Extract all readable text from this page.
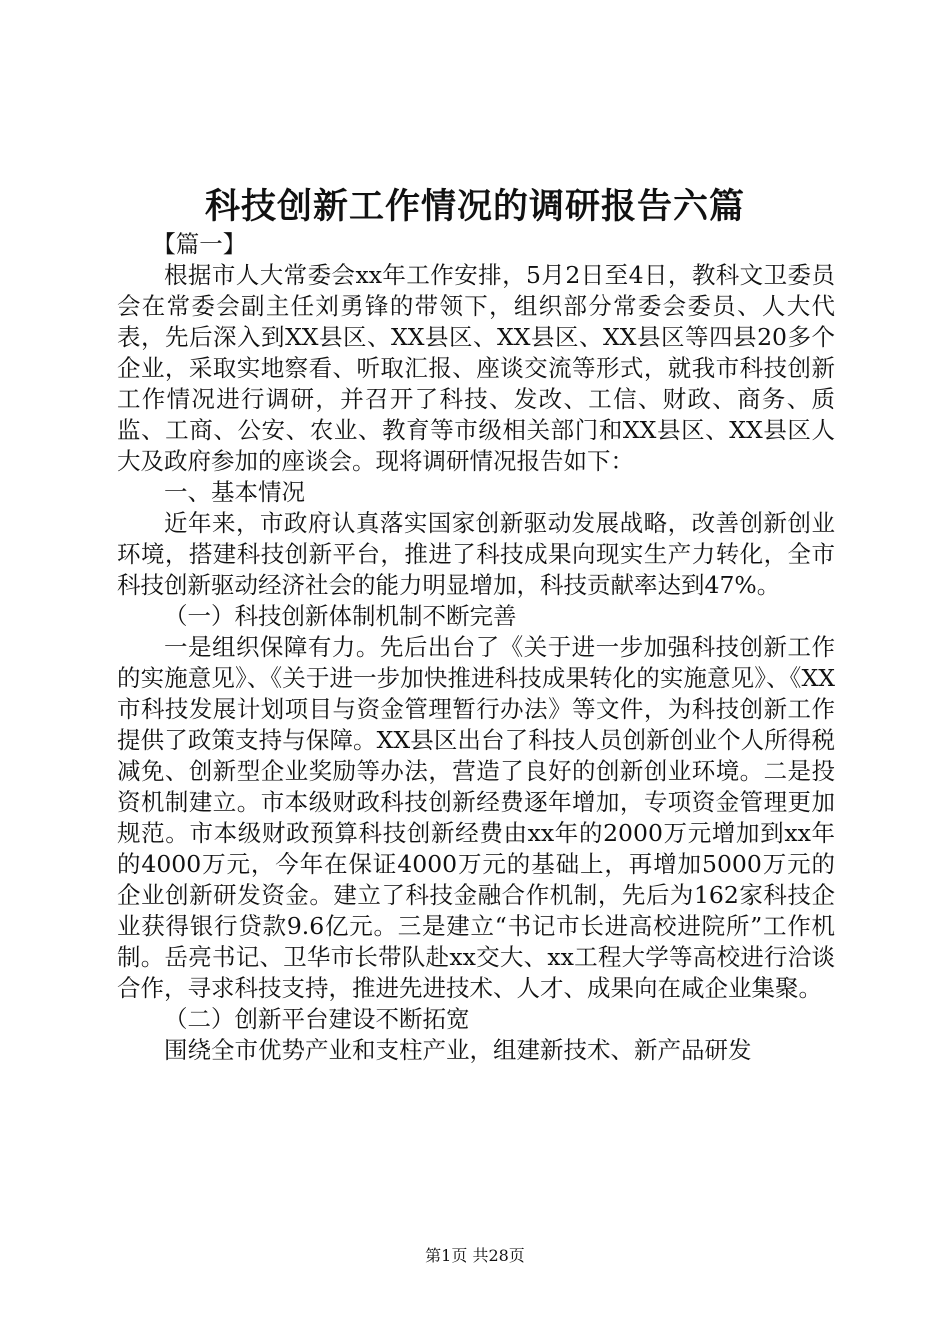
科技创新工作情况的调研报告六篇

【篇一】

根据市人大常委会xx年工作安排，5月2日至4日，教科文卫委员会在常委会副主任刘勇锋的带领下，组织部分常委会委员、人大代表，先后深入到XX县区、XX县区、XX县区、XX县区等四县20多个企业，采取实地察看、听取汇报、座谈交流等形式，就我市科技创新工作情况进行调研，并召开了科技、发改、工信、财政、商务、质监、工商、公安、农业、教育等市级相关部门和XX县区、XX县区人大及政府参加的座谈会。现将调研情况报告如下：

一、基本情况

近年来，市政府认真落实国家创新驱动发展战略，改善创新创业环境，搭建科技创新平台，推进了科技成果向现实生产力转化，全市科技创新驱动经济社会的能力明显增加，科技贡献率达到47%。

（一）科技创新体制机制不断完善

一是组织保障有力。先后出台了《关于进一步加强科技创新工作的实施意见》、《关于进一步加快推进科技成果转化的实施意见》、《XX市科技发展计划项目与资金管理暂行办法》等文件，为科技创新工作提供了政策支持与保障。XX县区出台了科技人员创新创业个人所得税减免、创新型企业奖励等办法，营造了良好的创新创业环境。二是投资机制建立。市本级财政科技创新经费逐年增加，专项资金管理更加规范。市本级财政预算科技创新经费由xx年的2000万元增加到xx年的4000万元，今年在保证4000万元的基础上，再增加5000万元的企业创新研发资金。建立了科技金融合作机制，先后为162家科技企业获得银行贷款9.6亿元。三是建立“书记市长进高校进院所”工作机制。岳亮书记、卫华市长带队赴xx交大、xx工程大学等高校进行洽谈合作，寻求科技支持，推进先进技术、人才、成果向在咸企业集聚。

（二）创新平台建设不断拓宽

围绕全市优势产业和支柱产业，组建新技术、新产品研发

第1页 共28页
